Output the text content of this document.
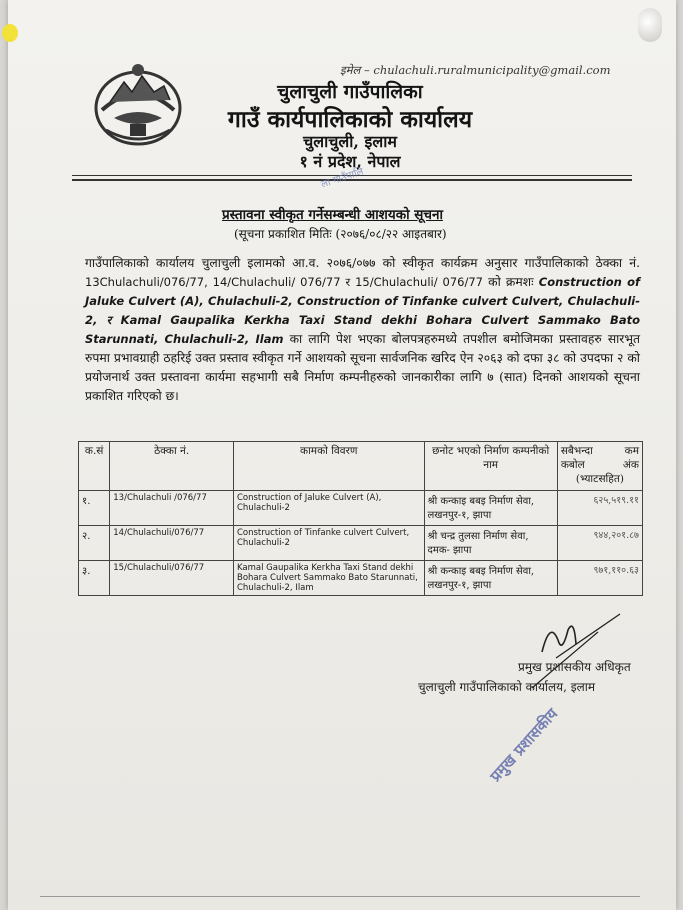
इमेल – chulachuli.ruralmunicipality@gmail.com
चुलाचुली गाउँपालिका
गाउँ कार्यपालिकाको कार्यालय
चुलाचुली, इलाम
१ नं प्रदेश, नेपाल
ला गाउँपालि
प्रस्तावना स्वीकृत गर्नेसम्बन्धी आशयको सूचना
(सूचना प्रकाशित मितिः (२०७६/०८/२२ आइतबार)
गाउँपालिकाको कार्यालय चुलाचुली इलामको आ.व. २०७६/०७७ को स्वीकृत कार्यक्रम अनुसार गाउँपालिकाको ठेक्का नं. 13Chulachuli/076/77, 14/Chulachuli/ 076/77 र 15/Chulachuli/ 076/77 को क्रमशः Construction of Jaluke Culvert (A), Chulachuli-2, Construction of Tinfanke culvert Culvert, Chulachuli-2, र Kamal Gaupalika Kerkha Taxi Stand dekhi Bohara Culvert Sammako Bato Starunnati, Chulachuli-2, Ilam का लागि पेश भएका बोलपत्रहरुमध्ये तपशील बमोजिमका प्रस्तावहरु सारभूत रुपमा प्रभावग्राही ठहरिई उक्त प्रस्ताव स्वीकृत गर्ने आशयको सूचना सार्वजनिक खरिद ऐन २०६३ को दफा ३८ को उपदफा २ को प्रयोजनार्थ उक्त प्रस्तावना कार्यमा सहभागी सबै निर्माण कम्पनीहरुको जानकारीका लागि ७ (सात) दिनको आशयको सूचना प्रकाशित गरिएको छ।
क.सं	ठेक्का नं.	कामको विवरण	छनोट भएको निर्माण कम्पनीको नाम	सबैभन्दा कम
कबोल अंक
(भ्याटसहित)

१.	13/Chulachuli /076/77	Construction of Jaluke Culvert (A), Chulachuli-2	श्री कन्काइ बबइ निर्माण सेवा, लखनपुर-१, झापा	६२५,५१९.११
२.	14/Chulachuli/076/77	Construction of Tinfanke culvert Culvert, Chulachuli-2	श्री चन्द्र तुलसा निर्माण सेवा, दमक- झापा	९४४,२०१.८७
३.	15/Chulachuli/076/77	Kamal Gaupalika Kerkha Taxi Stand dekhi Bohara Culvert Sammako Bato Starunnati, Chulachuli-2, Ilam	श्री कन्काइ बबइ निर्माण सेवा, लखनपुर-१, झापा	९७१,११०.६३
प्रमुख प्रशासकीय अधिकृत
चुलाचुली गाउँपालिकाको कार्यालय, इलाम
प्रमुख प्रशासकीय
